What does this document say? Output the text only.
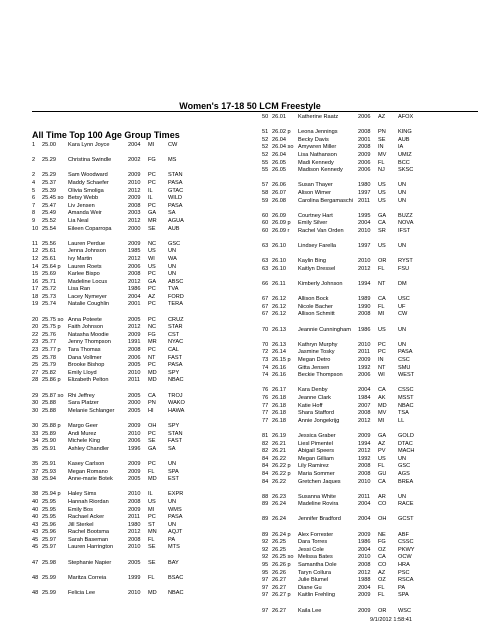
Women's 17-18 50 LCM Freestyle
All Time Top 100 Age Group Times
1 25.00 Kara Lynn Joyce	2004 MI CW
2 25.29 Christina Swindle	2002 FG MS
2 25.29 Sam Woodward	2009 PC STAN
4 25.37 Maddy Schaefer	2010 PC PASA
5 25.39 Olivia Smoliga	2012 IL	GTAC
6 25.45 so Betsy Webb	2009 IL	WILD
7 25.47 Liv Jensen	2008 PC PASA
8 25.49 Amanda Weir	2003 GA SA
9 25.52 Lia Neal	2012 MR AGUA
10 25.54 Eileen Coparropa	2000 SE AUB
11 25.56 Lauren Perdue	2009 NC GSC
12 25.61 Jenna Johnson	1985 US UN
12 25.61 Ivy Martin	2012 WI WA
14 25.64 p Lauren Roets	2006 US UN
15 25.69 Karlee Bispo	2008 PC UN
16 25.71 Madeline Locus	2012 GA ABSC
17 25.72 Lisa Ran	1986 PC TVA
18 25.73 Lacey Nymeyer	2004 AZ FORD
19 25.74 Natalie Coughlin	2001 PC TERA
20 25.75 so Anna Poteete	2005 PC CRUZ
20 25.75 p Faith Johnson	2012 NC STAR
22 25.76 Natasha Moodie	2009 FG CST
23 25.77 Jenny Thompson	1991 MR NYAC
23 25.77 p Tara Thomas	2008 PC CAL
25 25.78 Dana Vollmer	2006 NT FAST
25 25.79 Brooke Bishop	2005 PC PASA
27 25.82 Emily Lloyd	2010 MD SPY
28 25.86 p Elizabeth Pelton	2011 MD NBAC
29 25.87 so Rhi Jeffrey	2005 CA TROJ
30 25.88 Sara Platzer	2000 PN WAKO
30 25.88 Melanie Schlanger	2005 HI	HAWA
30 25.88 p Margo Geer	2009 OH SPY
33 25.89 Andi Murez	2010 PC STAN
34 25.90 Michele King	2006 SE FAST
35 25.91 Ashley Chandler	1996 GA SA
35 25.91 Kasey Carlson	2009 PC UN
37 25.93 Megan Romano	2009 FL SPA
38 25.94 Anne-marie Botek	2005 MD EST
38 25.94 p Haley Sims	2010 IL	EXPR
40 25.95 Hannah Riordan	2008 US UN
40 25.95 Emily Bos	2009 MI WMS
40 25.95 Rachael Acker	2011 PC PASA
43 25.96 Jill Sterkel	1980 ST UN
43 25.96 Rachel Bootsma	2012 MN AQJT
45 25.97 Sarah Baseman	2008 FL PA
45 25.97 Lauren Harrington	2010 SE MTS
47 25.98 Stephanie Napier	2005 SE BAY
48 25.99 Maritza Correia	1999 FL BSAC
48 25.99 Felicia Lee	2010 MD NBAC
50 26.01 Katherine Raatz	2006 AZ AFOX
51 26.02 p Leona Jennings	2008 PN KING
52 26.04 Becky Davis	2001 SE AUB
52 26.04 so Amywren Miller	2008 IN	IA
52 26.04 Lisa Nathanson	2009 MV UMIZ
55 26.05 Madi Kennedy	2006 FL BCC
55 26.05 Madison Kennedy	2006 NJ SKSC
57 26.06 Susan Thayer	1980 US UN
58 26.07 Alison Wimer	1997 US UN
59 26.08 Carolina Bergamaschi 2011 US UN
60 26.09 Courtney Hart	1995 GA BUZZ
60 26.09 p Emily Silver	2004 CA NOVA
60 26.09 r Rachel Van Orden	2010 SR IFST
63 26.10 Lindsey Farella	1997 US UN
63 26.10 Kaylin Bing	2010 OR RYST
63 26.10 Kaitlyn Dressel	2012 FL FSU
66 26.11 Kimberly Johnson	1994 NT DM
67 26.12 Allison Bock	1989 CA USC
67 26.12 Nicole Bacher	1990 FL UF
67 26.12 Allison Schmitt	2008 MI CW
70 26.13 Jeannie Cunningham	1986 US UN
70 26.13 Kathryn Murphy	2010 PC UN
72 26.14 Jasmine Tosky	2011 PC PASA
73 26.15 p Megan Detro	2009 IN	CSC
74 26.16 Gitta Jensen	1992 NT SMU
74 26.16 Beckie Thompson	2006 WI WEST
76 26.17 Kara Denby	2004 CA CSSC
76 26.18 Jeanne Clark	1984 AK MSST
77 26.18 Katie Hoff	2007 MD NBAC
77 26.18 Shara Stafford	2008 MV TSA
77 26.18 Annie Jongekrijg	2012 MI LL
81 26.19 Jessica Graber	2009 GA GOLD
82 26.21 Liesl Pimentel	1994 AZ DTAC
82 26.21 Abigail Speers	2012 PV MACH
84 26.22 Megan Gilliam	1992 US UN
84 26.22 p Lily Ramirez	2008 FL GSC
84 26.22 p Maria Sommer	2008 GU AGS
84 26.22 Gretchen Jaques	2010 CA BREA
88 26.23 Susanna White	2011 AR UN
89 26.24 Madeline Rovira	2004 CO RACE
89 26.24 Jennifer Bradford	2004 OH GCST
89 26.24 p Alex Forrester	2009 NE ABF
92 26.25 Dara Torres	1986 FG CSSC
92 26.25 Jessi Cole	2004 OZ PKWY
92 26.25 so Melissa Bates	2010 CA OCW
95 26.26 p Samantha Dole	2008 CO HRA
95 26.26 Taryn Collura	2012 AZ PSC
97 26.27 Julie Blumel	1988 OZ RSCA
97 26.27 Diane Gu	2004 FL PA
97 26.27 p Kaitlin Frehling	2009 FL SPA
97 26.27 Kaila Lee	2009 OR WSC
9/1/2012 1:58:41
